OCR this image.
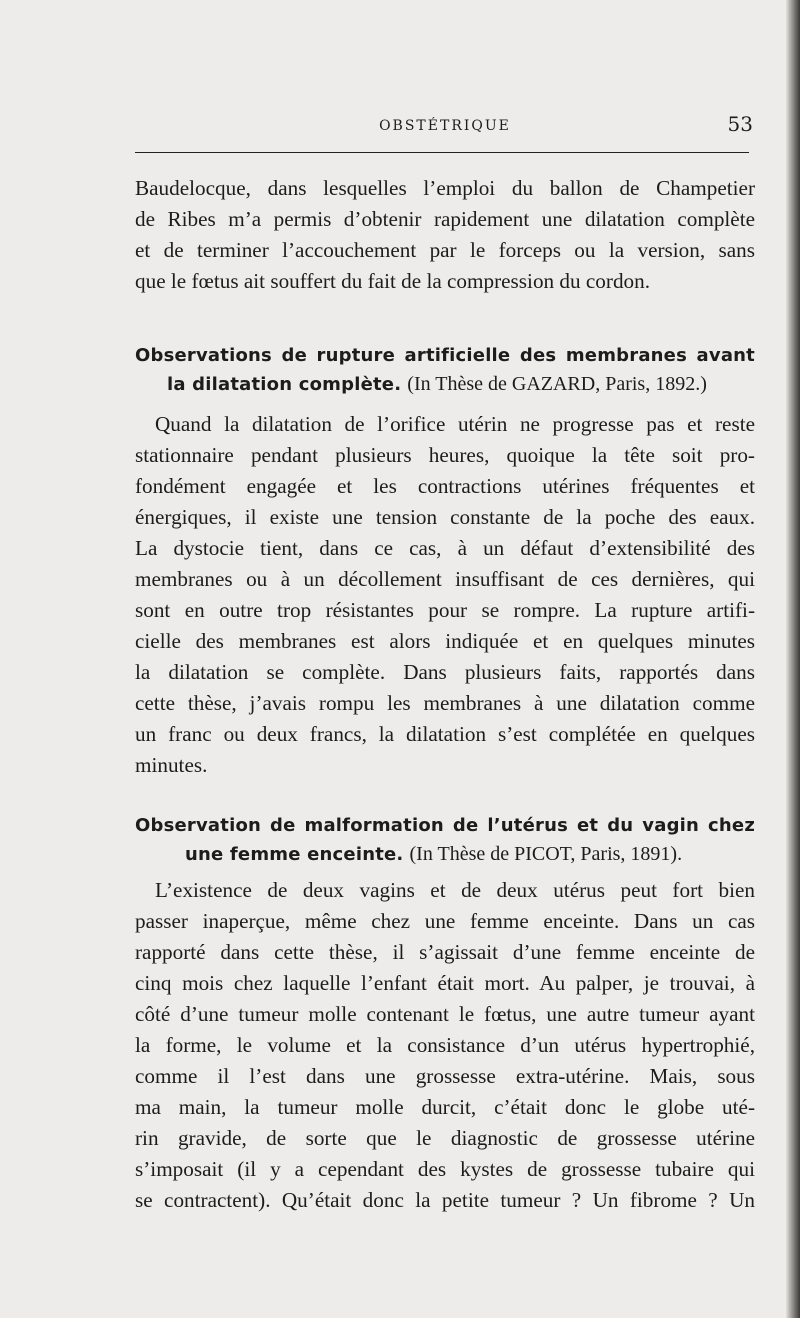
OBSTÉTRIQUE	53
Baudelocque, dans lesquelles l’emploi du ballon de Champetier
de Ribes m’a permis d’obtenir rapidement une dilatation complète
et de terminer l’accouchement par le forceps ou la version, sans
que le fœtus ait souffert du fait de la compression du cordon.
Observations de rupture artificielle des membranes avant
la dilatation complète. (In Thèse de GAZARD, Paris, 1892.)
Quand la dilatation de l’orifice utérin ne progresse pas et reste
stationnaire pendant plusieurs heures, quoique la tête soit pro-
fondément engagée et les contractions utérines fréquentes et
énergiques, il existe une tension constante de la poche des eaux.
La dystocie tient, dans ce cas, à un défaut d’extensibilité des
membranes ou à un décollement insuffisant de ces dernières, qui
sont en outre trop résistantes pour se rompre. La rupture artifi-
cielle des membranes est alors indiquée et en quelques minutes
la dilatation se complète. Dans plusieurs faits, rapportés dans
cette thèse, j’avais rompu les membranes à une dilatation comme
un franc ou deux francs, la dilatation s’est complétée en quelques
minutes.
Observation de malformation de l’utérus et du vagin chez
une femme enceinte. (In Thèse de PICOT, Paris, 1891).
L’existence de deux vagins et de deux utérus peut fort bien
passer inaperçue, même chez une femme enceinte. Dans un cas
rapporté dans cette thèse, il s’agissait d’une femme enceinte de
cinq mois chez laquelle l’enfant était mort. Au palper, je trouvai, à
côté d’une tumeur molle contenant le fœtus, une autre tumeur ayant
la forme, le volume et la consistance d’un utérus hypertrophié,
comme il l’est dans une grossesse extra-utérine. Mais, sous
ma main, la tumeur molle durcit, c’était donc le globe uté-
rin gravide, de sorte que le diagnostic de grossesse utérine
s’imposait (il y a cependant des kystes de grossesse tubaire qui
se contractent). Qu’était donc la petite tumeur ? Un fibrome ? Un
